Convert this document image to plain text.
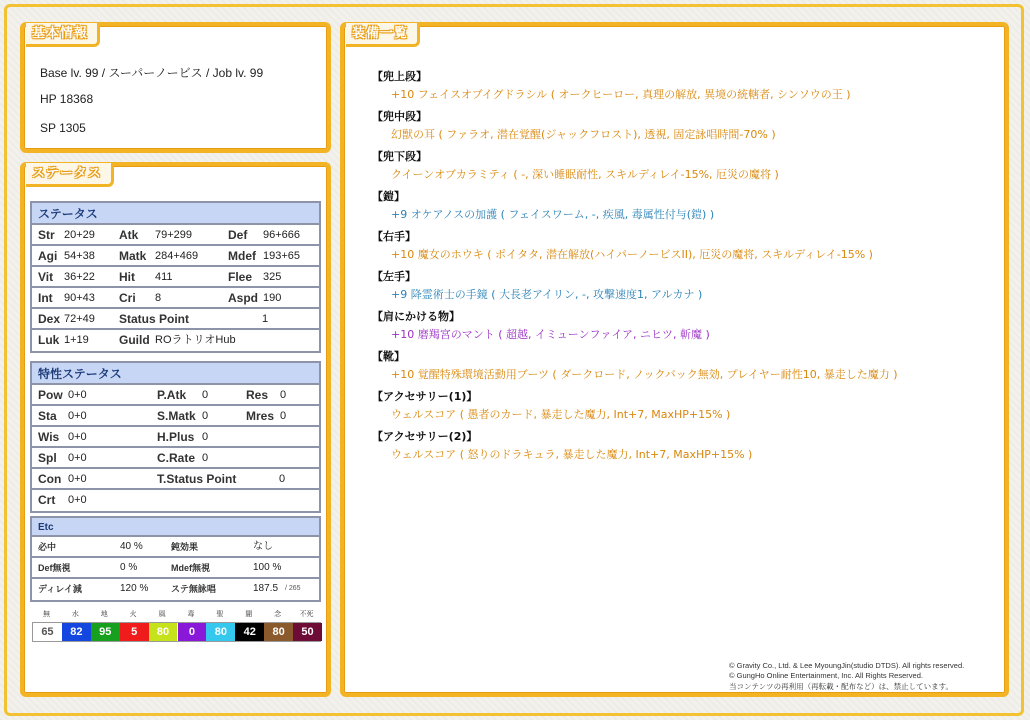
基本情報
Base lv. 99 / スーパーノービス / Job lv. 99
HP 18368
SP 1305
ステータス
ステータス
Str 20+29 Atk 79+299	Def 96+666
Agi 54+38 Matk 284+469 Mdef 193+65
Vit 36+22 Hit 411	Flee 325
Int 90+43 Cri 8	Aspd 190
Dex 72+49 Status Point	1
Luk 1+19	Guild ROラトリオHub
特性ステータス
Pow 0+0	P.Atk 0	Res 0
Sta 0+0	S.Matk 0	Mres 0
Wis 0+0	H.Plus 0
Spl 0+0	C.Rate 0
Con 0+0	T.Status Point	0
Crt 0+0
Etc
必中	40 %	鈍効果	なし
Def無視	0 %	Mdef無視	100 %
ディレイ減	120 %	ステ無詠唱	187.5 / 265
無	水	地	火	風	毒	聖	闇	念	不死
65	82	95	5	80	0	80	42	80	50
装備一覧
【兜上段】
+10 フェイスオブイグドラシル ( オークヒーロー, 真理の解放, 異境の統轄者, シンソウの王 )
【兜中段】
幻獣の耳 ( ファラオ, 潜在覚醒(ジャックフロスト), 透視, 固定詠唱時間-70% )
【兜下段】
クイーンオブカラミティ ( -, 深い睡眠耐性, スキルディレイ-15%, 厄災の魔将 )
【鎧】
+9 オケアノスの加護 ( フェイスワーム, -, 疾風, 毒属性付与(鎧) )
【右手】
+10 魔女のホウキ ( ポイタタ, 潜在解放(ハイパーノービスII), 厄災の魔将, スキルディレイ-15% )
【左手】
+9 降霊術士の手鏡 ( 大長老アイリン, -, 攻撃速度1, アルカナ )
【肩にかける物】
+10 磨羯宮のマント ( 超越, イミューンファイア, ニヒツ, 斬魔 )
【靴】
+10 覚醒特殊環境活動用ブーツ ( ダークロード, ノックバック無効, プレイヤー耐性10, 暴走した魔力 )
【アクセサリー(1)】
ウェルスコア ( 愚者のカード, 暴走した魔力, Int+7, MaxHP+15% )
【アクセサリー(2)】
ウェルスコア ( 怒りのドラキュラ, 暴走した魔力, Int+7, MaxHP+15% )
© Gravity Co., Ltd. & Lee MyoungJin(studio DTDS). All rights reserved.
© GungHo Online Entertainment, Inc. All Rights Reserved.
当コンテンツの再利用（再転載・配布など）は、禁止しています。
